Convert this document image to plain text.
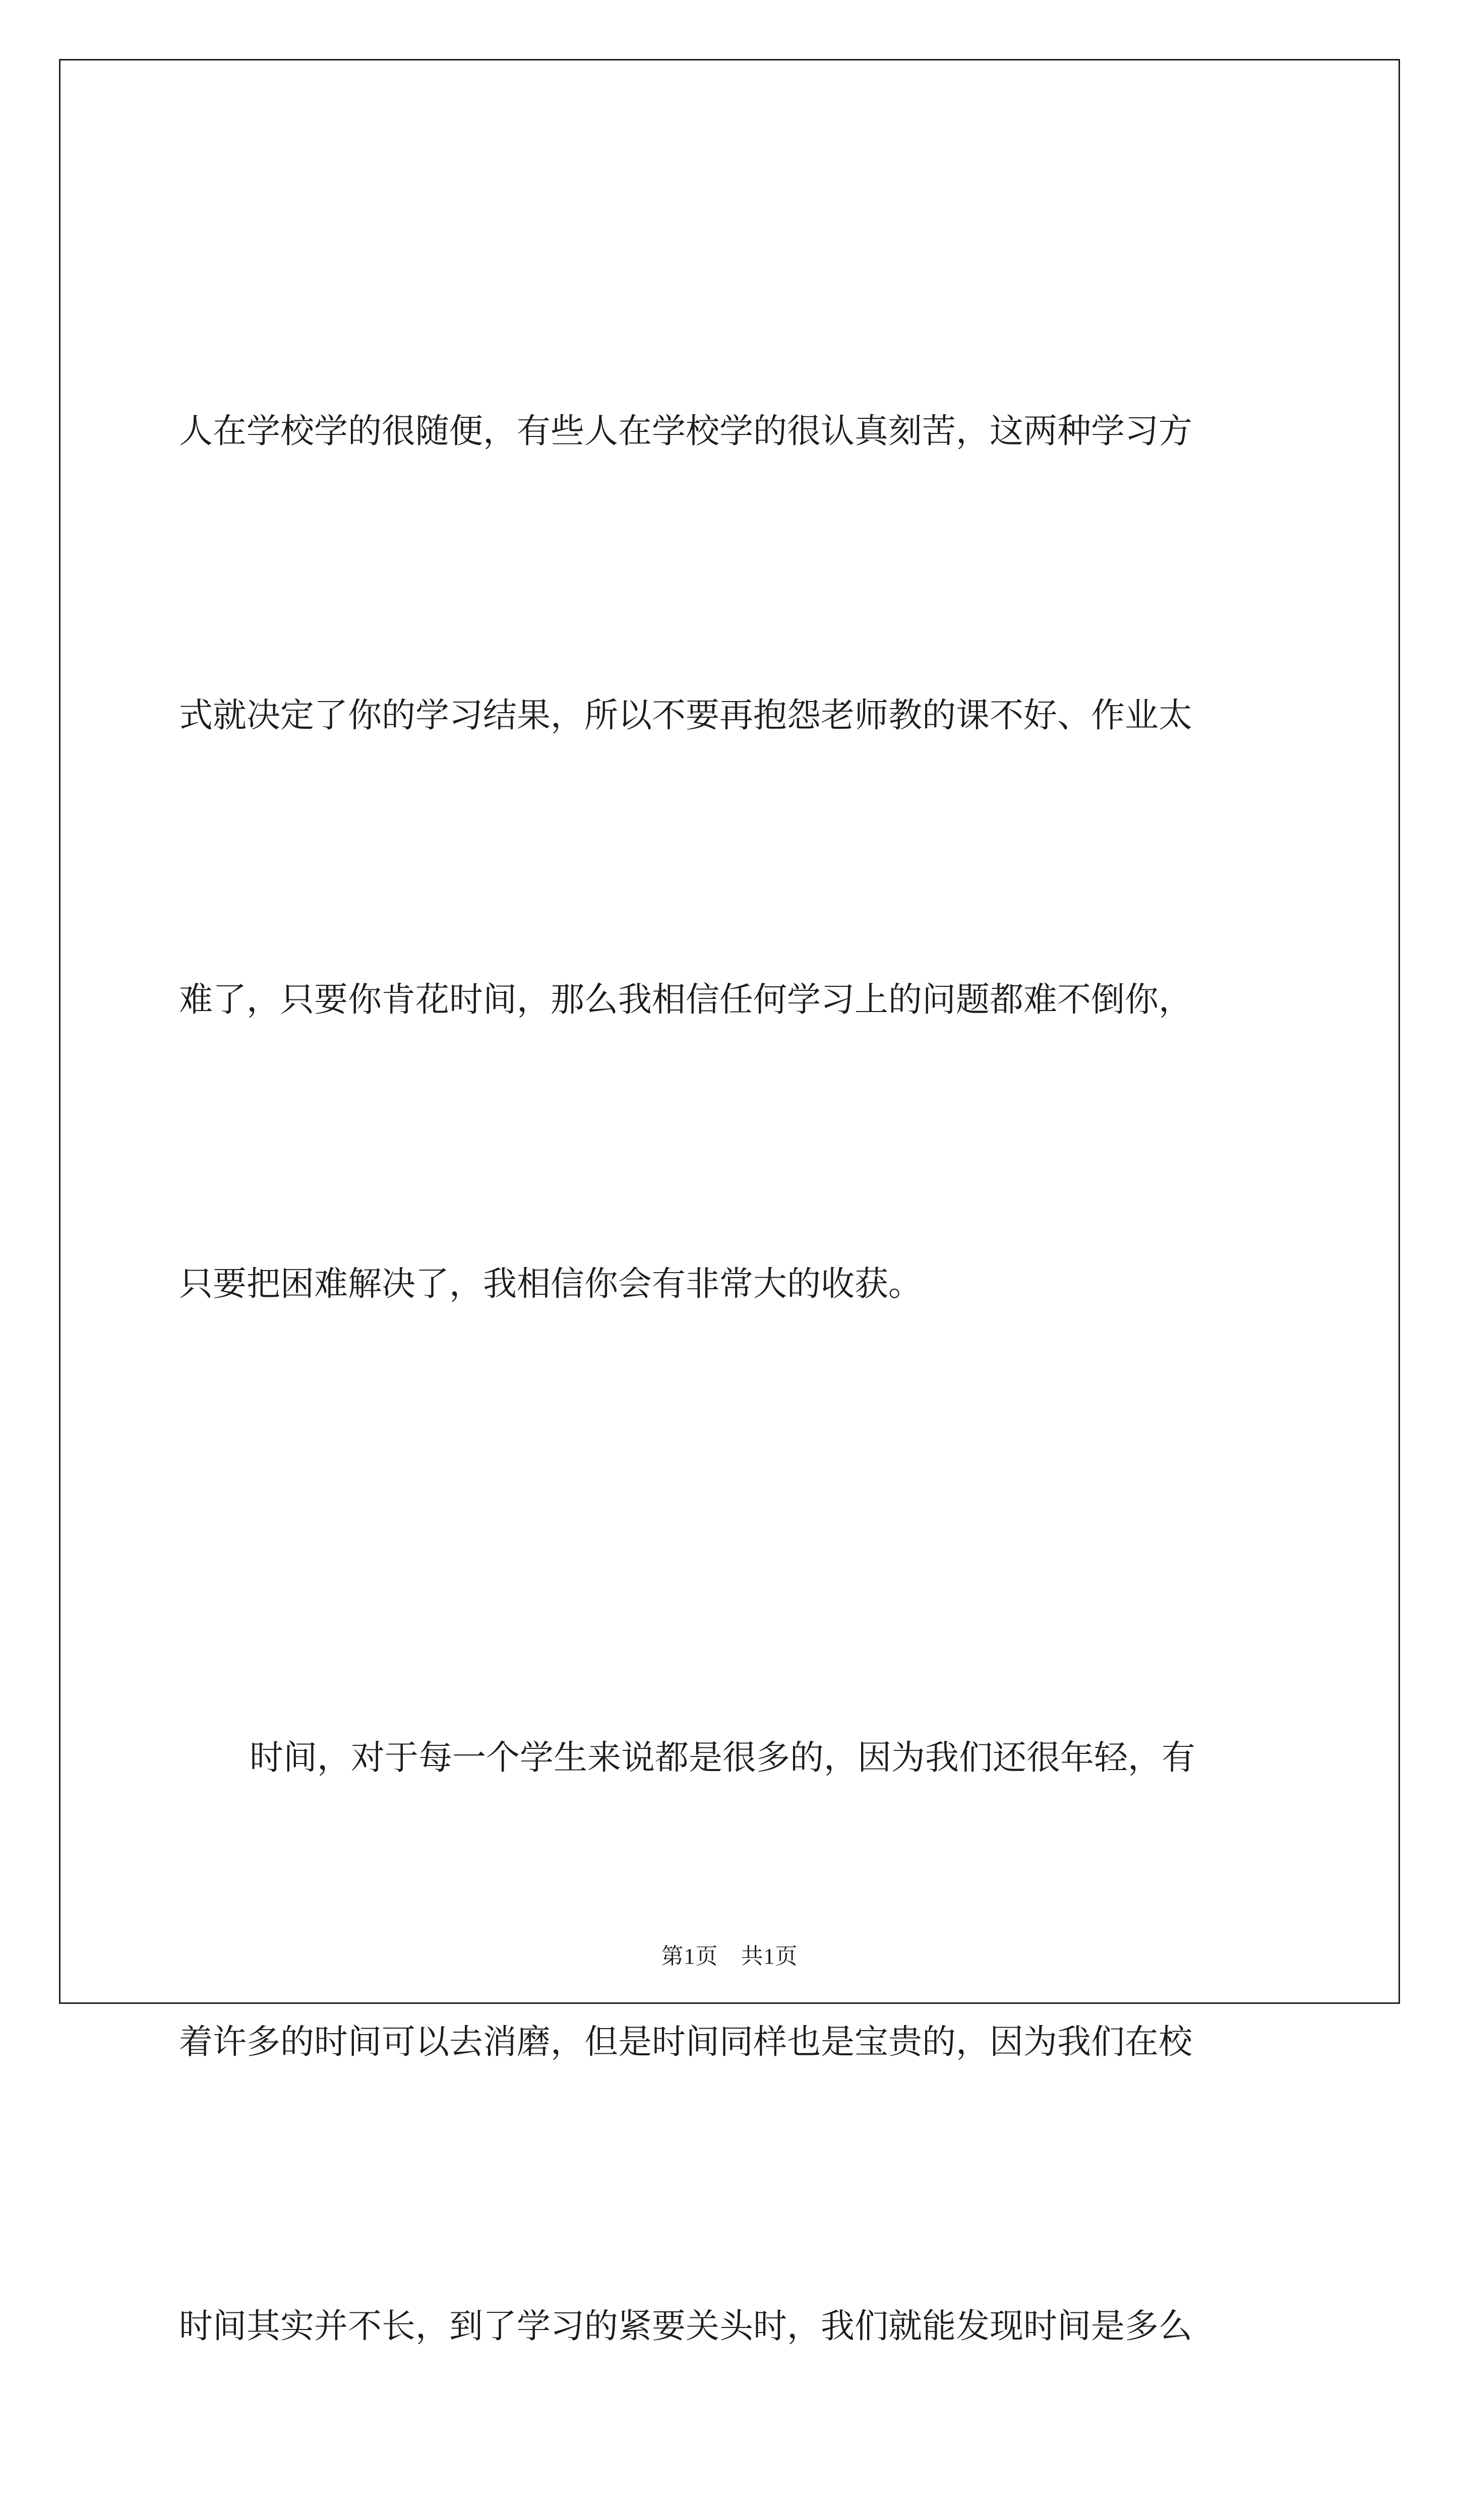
人在学校学的很随便，有些人在学校学的很认真刻苦，这两种学习方

式就决定了你的学习结果，所以不要再抱怨老师教的课不好、作业太

难了，只要你肯花时间，那么我相信任何学习上的问题都难不倒你，

只要把困难解决了，我相信你会有非常大的收获。

时间，对于每一个学生来说都是很多的，因为我们还很年轻，有

着许多的时间可以去消磨，但是时间同样也是宝贵的，因为我们在校

时间其实并不长，到了学习的紧要关头时，我们就能发现时间是多么

第1页　共1页
